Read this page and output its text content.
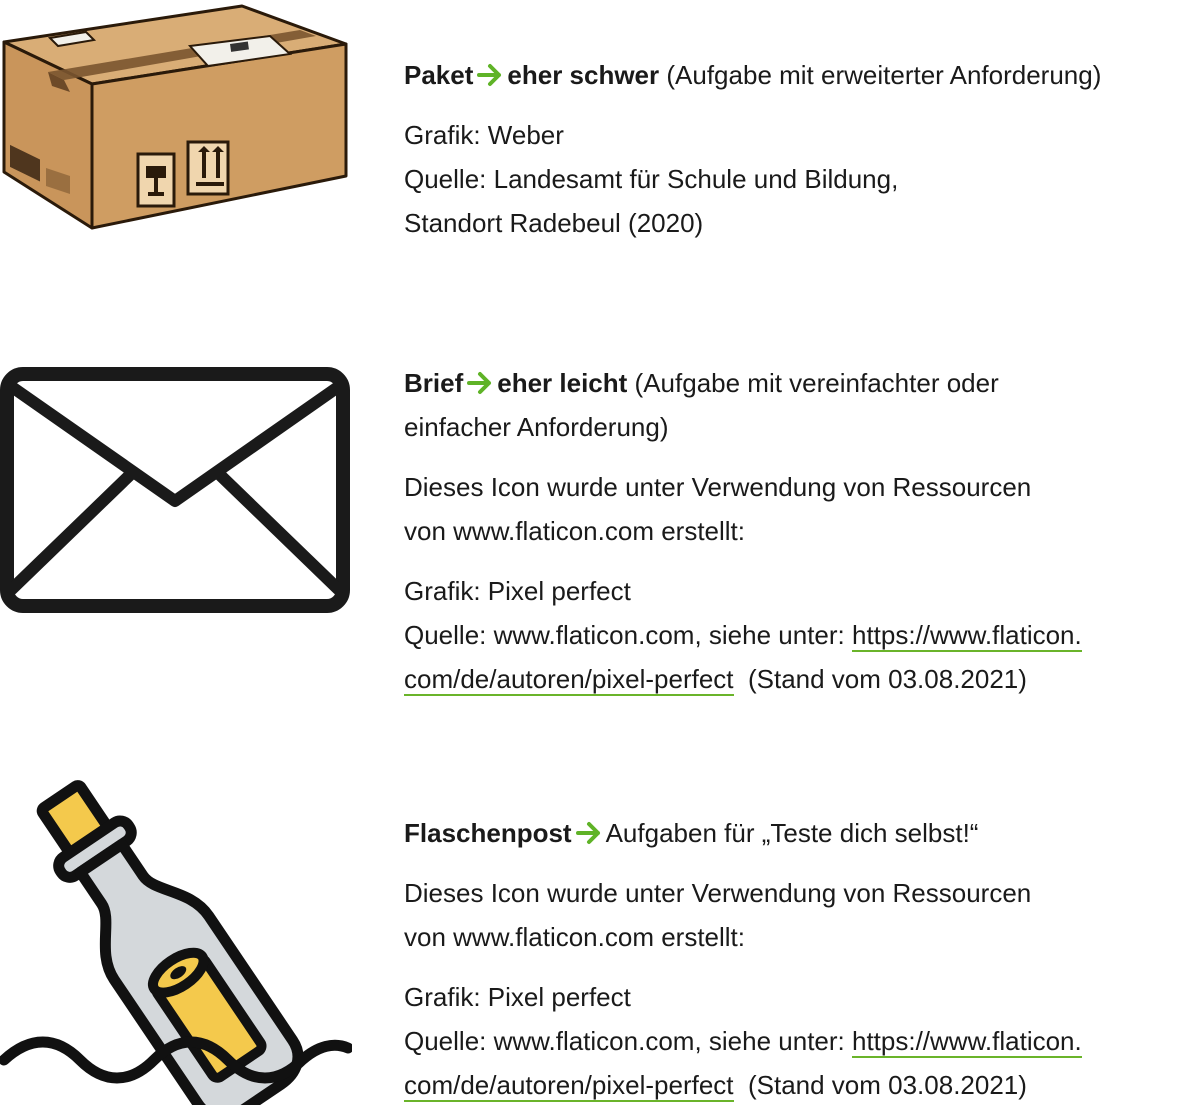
Paket eher schwer (Aufgabe mit erweiterter Anforderung)

Grafik: Weber

Quelle: Landesamt für Schule und Bildung,

Standort Radebeul (2020)

Brief eher leicht (Aufgabe mit vereinfachter oder

einfacher Anforderung)

Dieses Icon wurde unter Verwendung von Ressourcen

von www.flaticon.com erstellt:

Grafik: Pixel perfect

Quelle: www.flaticon.com, siehe unter: https://www.flaticon.

com/de/autoren/pixel-perfect (Stand vom 03.08.2021)

Flaschenpost Aufgaben für „Teste dich selbst!“

Dieses Icon wurde unter Verwendung von Ressourcen

von www.flaticon.com erstellt:

Grafik: Pixel perfect

Quelle: www.flaticon.com, siehe unter: https://www.flaticon.

com/de/autoren/pixel-perfect (Stand vom 03.08.2021)
